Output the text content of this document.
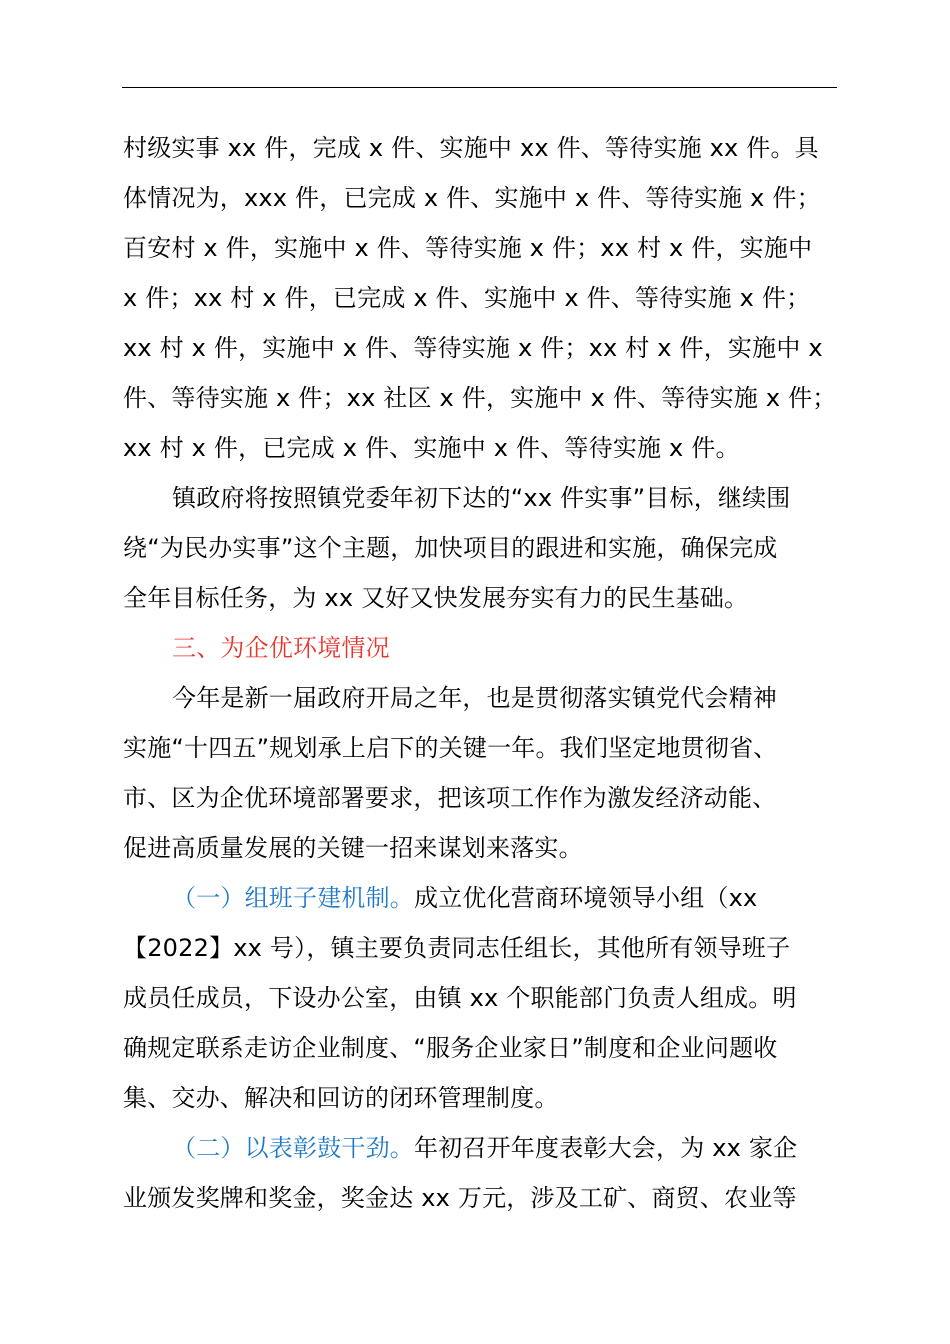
村级实事 xx 件，完成 x 件、实施中 xx 件、等待实施 xx 件。具
体情况为，xxx 件，已完成 x 件、实施中 x 件、等待实施 x 件；
百安村 x 件，实施中 x 件、等待实施 x 件；xx 村 x 件，实施中
x 件；xx 村 x 件，已完成 x 件、实施中 x 件、等待实施 x 件；
xx 村 x 件，实施中 x 件、等待实施 x 件；xx 村 x 件，实施中 x
件、等待实施 x 件；xx 社区 x 件，实施中 x 件、等待实施 x 件；
xx 村 x 件，已完成 x 件、实施中 x 件、等待实施 x 件。
镇政府将按照镇党委年初下达的“xx 件实事”目标，继续围
绕“为民办实事”这个主题，加快项目的跟进和实施，确保完成
全年目标任务，为 xx 又好又快发展夯实有力的民生基础。
三、为企优环境情况
今年是新一届政府开局之年，也是贯彻落实镇党代会精神
实施“十四五”规划承上启下的关键一年。我们坚定地贯彻省、
市、区为企优环境部署要求，把该项工作作为激发经济动能、
促进高质量发展的关键一招来谋划来落实。
（一）组班子建机制。成立优化营商环境领导小组（xx
【2022】xx 号），镇主要负责同志任组长，其他所有领导班子
成员任成员，下设办公室，由镇 xx 个职能部门负责人组成。明
确规定联系走访企业制度、“服务企业家日”制度和企业问题收
集、交办、解决和回访的闭环管理制度。
（二）以表彰鼓干劲。年初召开年度表彰大会，为 xx 家企
业颁发奖牌和奖金，奖金达 xx 万元，涉及工矿、商贸、农业等
